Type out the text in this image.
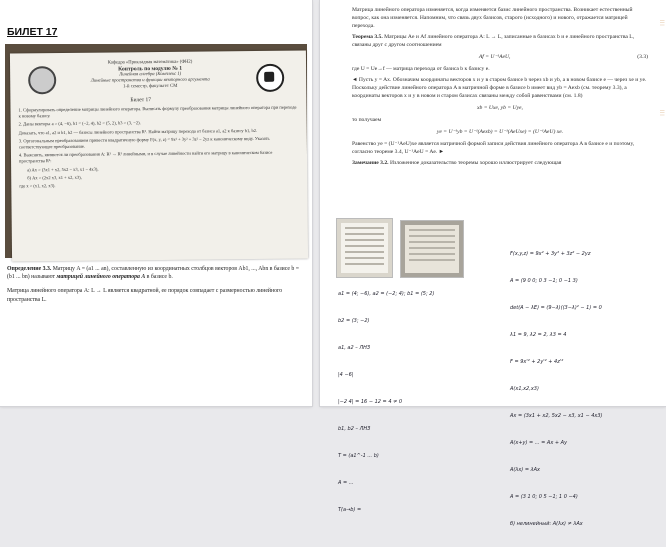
БИЛЕТ 17
Кафедра «Прикладная математика» (ФН2)
Контроль по модулю № 1
Линейная алгебра (Комплекс 1)
Линейные пространства и функции векторного аргумента
1-й семестр, факультет СМ
Билет 17

1. Сформулировать определение матрицы линейного оператора. Выписать формулу преобразования матрицы линейного оператора при переходе к новому базису.

2. Даны векторы a = (4, −6), b1 = (−2, 4), b2 = (5, 2), b3 = (3, −2).

Доказать, что a1, a2 и b1, b2 — базисы линейного пространства R². Найти матрицу перехода от базиса a1, a2 к базису b1, b2.

3. Ортогональным преобразованием привести квадратичную форму F(x, y, z) = 9x² + 3y² + 3z² − 2yz к каноническому виду. Указать соответствующее преобразование.

4. Выяснить, являются ли преобразования A: R³ → R³ линейными, и в случае линейности найти его матрицу в каноническом базисе пространства R³:

a) Ax = (3x1 + x2, 5x2 − x3, x1 − 4x3),

б) Ax = (2x2 x3, x1 + x2, x3),

где x = (x1, x2, x3).

Определение 3.3. Матрицу A = (a1 ... an), составленную из координатных столбцов векторов Ab1, ..., Abn в базисе b = (b1 ... bn) называют матрицей линейного оператора A в базисе b.

Матрица линейного оператора A: L → L является квадратной, ее порядок совпадает с размерностью линейного пространства L.

| | |
| | |

Матрица линейного оператора изменяется, когда изменяется базис линейного пространства. Возникает естественный вопрос, как она изменяется. Напомним, что связь двух базисов, старого (исходного) и нового, отражается матрицей перехода.

Теорема 3.5. Матрицы Ae и Af линейного оператора A: L → L, записанные в базисах b и e линейного пространства L, связаны друг с другом соотношением

Af = U⁻¹AeU,	(3.3)

где U = Ue→f — матрица перехода от базиса b к базису e.

◄ Пусть y = Ax. Обозначим координаты векторов x и y в старом базисе b через xb и yb, а в новом базисе e — через xe и ye. Поскольку действие линейного оператора A в матричной форме в базисе b имеет вид yb = Aexb (см. теорему 3.3), а координаты векторов x и y в новом и старом базисах связаны между собой равенствами (см. 1.8)

xb = Uxe, yb = Uye,

то получаем

ye = U⁻¹yb = U⁻¹(Aexb) = U⁻¹(AeUxe) = (U⁻¹AeU) xe.

Равенство ye = (U⁻¹AeU)xe является матричной формой записи действия линейного оператора A в базисе e и поэтому, согласно теореме 3.4, U⁻¹AeU = Ae. ►

Замечание 3.2. Изложенное доказательство теоремы хорошо иллюстрирует следующая

a1 = (4; −6), a2 = (−2; 4); b1 = (5; 2)

b2 = (3; −2)

a1, a2 – ЛНЗ

|4 −6|

|−2 4| = 16 − 12 = 4 ≠ 0

b1, b2 – ЛНЗ

T = (a1^-1 ... b)

A = ...

T(a→b) =

F(x,y,z) = 9x² + 3y² + 3z² − 2yz

A = (9 0 0; 0 3 −1; 0 −1 3)

det(A − λE) = (9−λ)((3−λ)² − 1) = 0

λ1 = 9, λ2 = 2, λ3 = 4

F = 9x'² + 2y'² + 4z'²

A(x1,x2,x3)

Ax = (3x1 + x2, 5x2 − x3, x1 − 4x3)

A(x+y) = ... = Ax + Ay

A(λx) = λAx

A = (3 1 0; 0 5 −1; 1 0 −4)

б) нелинейный: A(λx) ≠ λAx
